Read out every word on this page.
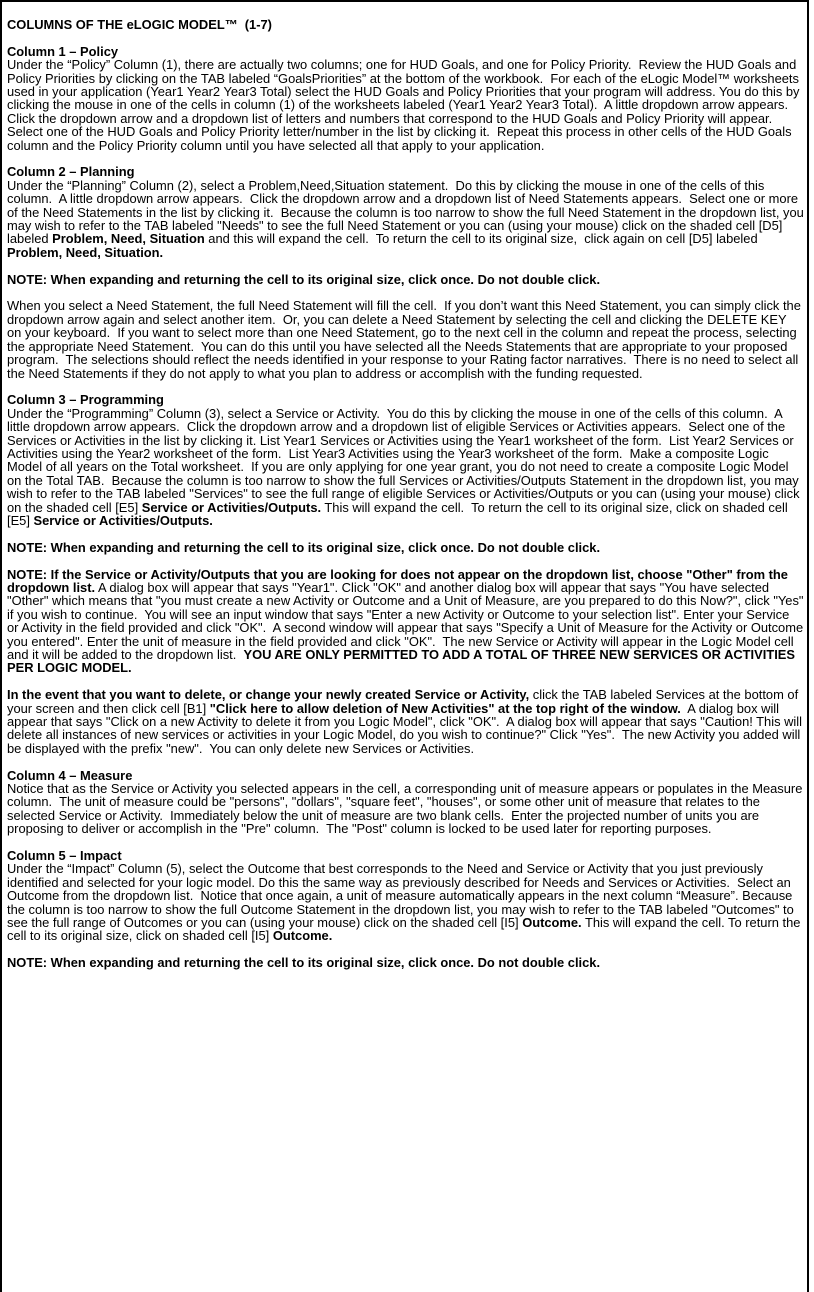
COLUMNS OF THE eLOGIC MODEL™  (1-7)

Column 1 – Policy

Under the “Policy” Column (1), there are actually two columns; one for HUD Goals, and one for Policy Priority.  Review the HUD Goals and Policy Priorities by clicking on the TAB labeled “GoalsPriorities” at the bottom of the workbook.  For each of the eLogic Model™ worksheets used in your application (Year1 Year2 Year3 Total) select the HUD Goals and Policy Priorities that your program will address. You do this by clicking the mouse in one of the cells in column (1) of the worksheets labeled (Year1 Year2 Year3 Total).  A little dropdown arrow appears.  Click the dropdown arrow and a dropdown list of letters and numbers that correspond to the HUD Goals and Policy Priority will appear. Select one of the HUD Goals and Policy Priority letter/number in the list by clicking it.  Repeat this process in other cells of the HUD Goals column and the Policy Priority column until you have selected all that apply to your application.

Column 2 – Planning

Under the “Planning” Column (2), select a Problem,Need,Situation statement.  Do this by clicking the mouse in one of the cells of this column.  A little dropdown arrow appears.  Click the dropdown arrow and a dropdown list of Need Statements appears.  Select one or more of the Need Statements in the list by clicking it.  Because the column is too narrow to show the full Need Statement in the dropdown list, you may wish to refer to the TAB labeled "Needs" to see the full Need Statement or you can (using your mouse) click on the shaded cell [D5] labeled Problem, Need, Situation and this will expand the cell.  To return the cell to its original size,  click again on cell [D5] labeled Problem, Need, Situation.

NOTE: When expanding and returning the cell to its original size, click once. Do not double click.

When you select a Need Statement, the full Need Statement will fill the cell.  If you don’t want this Need Statement, you can simply click the dropdown arrow again and select another item.  Or, you can delete a Need Statement by selecting the cell and clicking the DELETE KEY on your keyboard.  If you want to select more than one Need Statement, go to the next cell in the column and repeat the process, selecting the appropriate Need Statement.  You can do this until you have selected all the Needs Statements that are appropriate to your proposed program.  The selections should reflect the needs identified in your response to your Rating factor narratives.  There is no need to select all the Need Statements if they do not apply to what you plan to address or accomplish with the funding requested.

Column 3 – Programming

Under the “Programming” Column (3), select a Service or Activity.  You do this by clicking the mouse in one of the cells of this column.  A little dropdown arrow appears.  Click the dropdown arrow and a dropdown list of eligible Services or Activities appears.  Select one of the Services or Activities in the list by clicking it. List Year1 Services or Activities using the Year1 worksheet of the form.  List Year2 Services or Activities using the Year2 worksheet of the form.  List Year3 Activities using the Year3 worksheet of the form.  Make a composite Logic Model of all years on the Total worksheet.  If you are only applying for one year grant, you do not need to create a composite Logic Model on the Total TAB.  Because the column is too narrow to show the full Services or Activities/Outputs Statement in the dropdown list, you may wish to refer to the TAB labeled "Services" to see the full range of eligible Services or Activities/Outputs or you can (using your mouse) click on the shaded cell [E5] Service or Activities/Outputs. This will expand the cell.  To return the cell to its original size, click on shaded cell [E5] Service or Activities/Outputs.

NOTE: When expanding and returning the cell to its original size, click once. Do not double click.

NOTE: If the Service or Activity/Outputs that you are looking for does not appear on the dropdown list, choose "Other" from the dropdown list. A dialog box will appear that says "Year1". Click "OK" and another dialog box will appear that says "You have selected "Other" which means that "you must create a new Activity or Outcome and a Unit of Measure, are you prepared to do this Now?", click "Yes" if you wish to continue.  You will see an input window that says "Enter a new Activity or Outcome to your selection list". Enter your Service or Activity in the field provided and click "OK".  A second window will appear that says "Specify a Unit of Measure for the Activity or Outcome you entered". Enter the unit of measure in the field provided and click "OK".  The new Service or Activity will appear in the Logic Model cell and it will be added to the dropdown list.  YOU ARE ONLY PERMITTED TO ADD A TOTAL OF THREE NEW SERVICES OR ACTIVITIES PER LOGIC MODEL.

In the event that you want to delete, or change your newly created Service or Activity, click the TAB labeled Services at the bottom of your screen and then click cell [B1] "Click here to allow deletion of New Activities" at the top right of the window.  A dialog box will appear that says "Click on a new Activity to delete it from you Logic Model", click "OK".  A dialog box will appear that says "Caution! This will delete all instances of new services or activities in your Logic Model, do you wish to continue?" Click "Yes".  The new Activity you added will be displayed with the prefix "new".  You can only delete new Services or Activities.

Column 4 – Measure

Notice that as the Service or Activity you selected appears in the cell, a corresponding unit of measure appears or populates in the Measure column.  The unit of measure could be "persons", "dollars", "square feet", "houses", or some other unit of measure that relates to the selected Service or Activity.  Immediately below the unit of measure are two blank cells.  Enter the projected number of units you are proposing to deliver or accomplish in the "Pre" column.  The "Post" column is locked to be used later for reporting purposes.

Column 5 – Impact

Under the “Impact” Column (5), select the Outcome that best corresponds to the Need and Service or Activity that you just previously identified and selected for your logic model. Do this the same way as previously described for Needs and Services or Activities.  Select an Outcome from the dropdown list.  Notice that once again, a unit of measure automatically appears in the next column “Measure”. Because the column is too narrow to show the full Outcome Statement in the dropdown list, you may wish to refer to the TAB labeled "Outcomes" to see the full range of Outcomes or you can (using your mouse) click on the shaded cell [I5] Outcome. This will expand the cell. To return the cell to its original size, click on shaded cell [I5] Outcome.

NOTE: When expanding and returning the cell to its original size, click once. Do not double click.
